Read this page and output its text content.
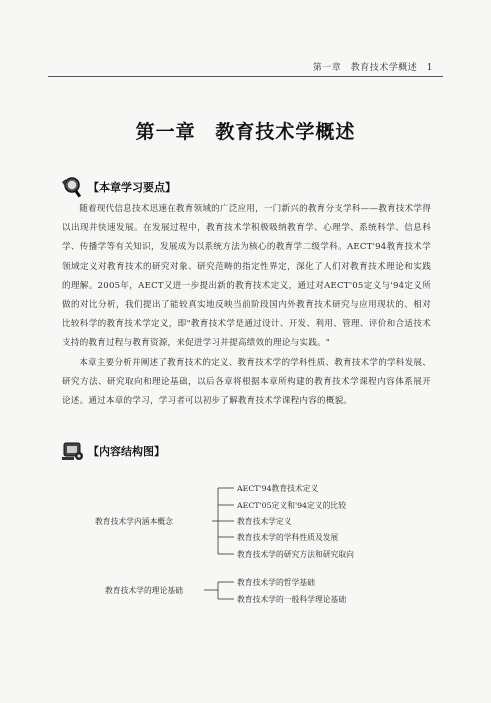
第一章　教育技术学概述　1
第一章 教育技术学概述
【本章学习要点】

随着现代信息技术迅速在教育领域的广泛应用，一门新兴的教育分支学科——教育技术学得以出现并快速发展。在发展过程中，教育技术学积极吸纳教育学、心理学、系统科学、信息科学、传播学等有关知识，发展成为以系统方法为核心的教育学二级学科。AECT'94教育技术学领域定义对教育技术的研究对象、研究范畴的指定性界定，深化了人们对教育技术理论和实践的理解。2005年，AECT又进一步提出新的教育技术定义，通过对AECT'05定义与'94定义所做的对比分析，我们提出了能较真实地反映当前阶段国内外教育技术研究与应用现状的、相对比较科学的教育技术学定义，即"教育技术学是通过设计、开发、利用、管理、评价和合适技术支持的教育过程与教育资源，来促进学习并提高绩效的理论与实践。"

本章主要分析并阐述了教育技术的定义、教育技术学的学科性质、教育技术学的学科发展、研究方法、研究取向和理论基础，以后各章将根据本章所构建的教育技术学课程内容体系展开论述。通过本章的学习，学习者可以初步了解教育技术学课程内容的概貌。

【内容结构图】
教育技术学内涵本概念
AECT'94教育技术定义
AECT'05定义和'94定义的比较
教育技术学定义
教育技术学的学科性质及发展
教育技术学的研究方法和研究取向
教育技术学的理论基础
教育技术学的哲学基础
教育技术学的一般科学理论基础
